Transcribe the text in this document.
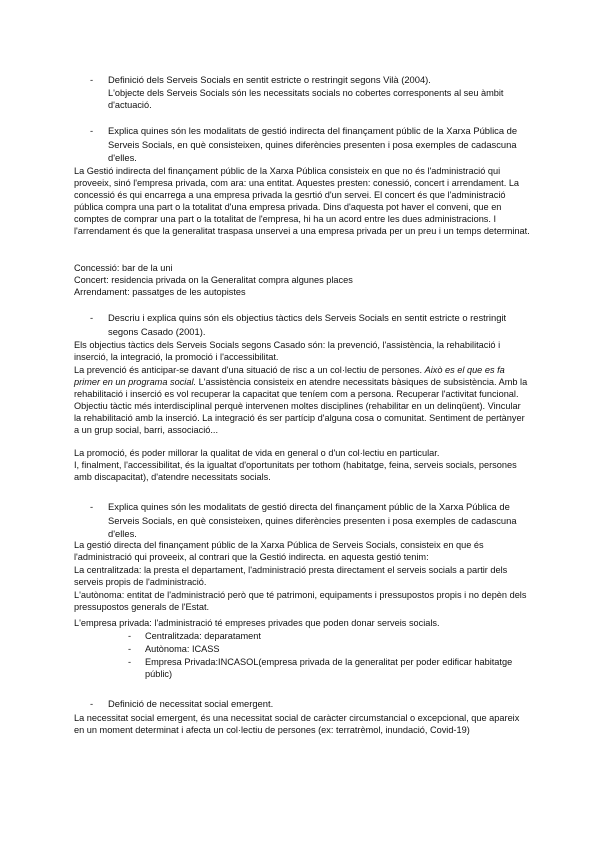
- Definició dels Serveis Socials en sentit estricte o restringit segons Vilà (2004).

L'objecte dels Serveis Socials són les necessitats socials no cobertes corresponents al seu àmbit d'actuació.

- Explica quines són les modalitats de gestió indirecta del finançament públic de la Xarxa Pública de Serveis Socials, en què consisteixen, quines diferències presenten i posa exemples de cadascuna d'elles.

La Gestió indirecta del finançament públic de la Xarxa Pública consisteix en que no és l'administració qui proveeix, sinó l'empresa privada, com ara: una entitat. Aquestes presten: conessió, concert i arrendament. La concessió és qui encarrega a una empresa privada la gesrtió d'un servei. El concert és que l'administració pública compra una part o la totalitat d'una empresa privada. Dins d'aquesta pot haver el conveni, que en comptes de comprar una part o la totalitat de l'empresa, hi ha un acord entre les dues administracions. I l'arrendament és que la generalitat traspasa unservei a una empresa privada per un preu i un temps determinat.

Concessió: bar de la uni
Concert: residencia privada on la Generalitat compra algunes places
Arrendament: passatges de les autopistes
- Descriu i explica quins són els objectius tàctics dels Serveis Socials en sentit estricte o restringit segons Casado (2001).

Els objectius tàctics dels Serveis Socials segons Casado són: la prevenció, l'assistència, la rehabilitació i inserció, la integració, la promoció i l'accessibilitat.

La prevenció és anticipar-se davant d'una situació de risc a un col·lectiu de persones. Això es el que es fa primer en un programa social. L'assistència consisteix en atendre necessitats bàsiques de subsistència. Amb la rehabilitació i inserció es vol recuperar la capacitat que teníem com a persona. Recuperar l'activitat funcional. Objectiu tàctic més interdisciplinal perquè intervenen moltes disciplines (rehabilitar en un delinqüent). Vincular la rehabilitació amb la inserció. La integració és ser partícip d'alguna cosa o comunitat. Sentiment de pertànyer a un grup social, barri, associació...

La promoció, és poder millorar la qualitat de vida en general o d'un col·lectiu en particular.

I, finalment, l'accessibilitat, és la igualtat d'oportunitats per tothom (habitatge, feina, serveis socials, persones amb discapacitat), d'atendre necessitats socials.

- Explica quines són les modalitats de gestió directa del finançament públic de la Xarxa Pública de Serveis Socials, en què consisteixen, quines diferències presenten i posa exemples de cadascuna d'elles.

La gestió directa del finançament públic de la Xarxa Pública de Serveis Socials, consisteix en que és l'administració qui proveeix, al contrari que la Gestió indirecta. en aquesta gestió tenim:

La centralitzada: la presta el departament, l'administració presta directament el serveis socials a partir dels serveis propis de l'administració.

L'autònoma: entitat de l'administració però que té patrimoni, equipaments i pressupostos propis i no depèn dels pressupostos generals de l'Estat.

L'empresa privada: l'administració té empreses privades que poden donar serveis socials.

- Centralitzada: deparatament
- Autònoma: ICASS
- Empresa Privada:INCASOL(empresa privada de la generalitat per poder edificar habitatge públic)
- Definició de necessitat social emergent.

La necessitat social emergent, és una necessitat social de caràcter circumstancial o excepcional, que apareix en un moment determinat i afecta un col·lectiu de persones (ex: terratrèmol, inundació, Covid-19)
